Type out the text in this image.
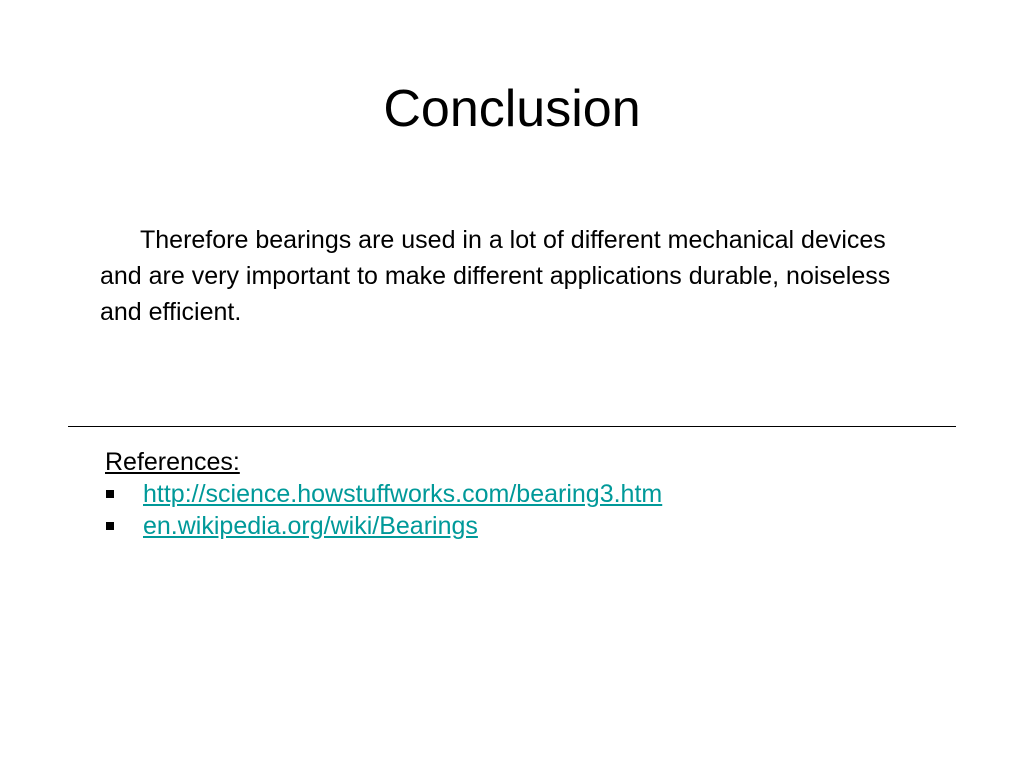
Conclusion

Therefore bearings are used in a lot of different mechanical devices and are very important to make different applications durable, noiseless and efficient.

References:

http://science.howstuffworks.com/bearing3.htm
en.wikipedia.org/wiki/Bearings
